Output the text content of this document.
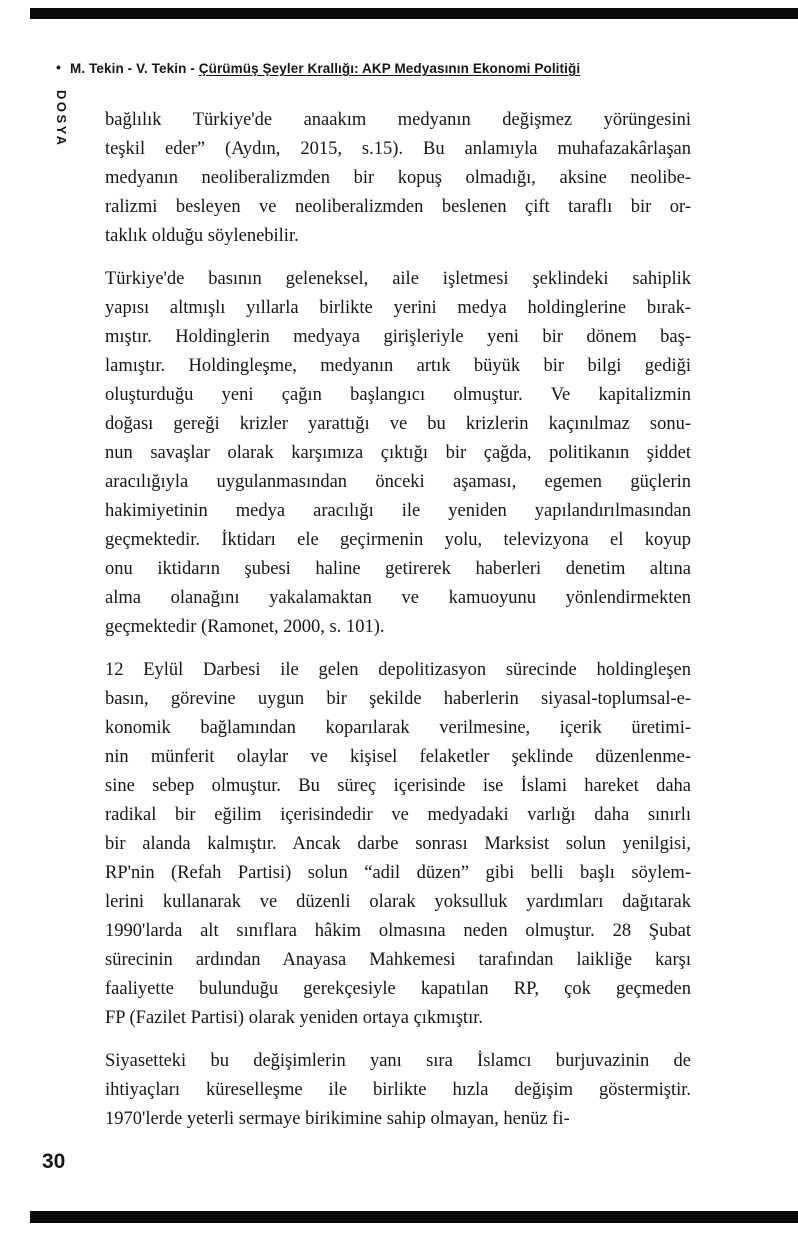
• M. Tekin - V. Tekin - Çürümüş Şeyler Krallığı: AKP Medyasının Ekonomi Politiği
DOSYA bağlılık Türkiye'de anaakım medyanın değişmez yörüngesini
teşkil eder” (Aydın, 2015, s.15). Bu anlamıyla muhafazakârlaşan
medyanın neoliberalizmden bir kopuş olmadığı, aksine neolibe-
ralizmi besleyen ve neoliberalizmden beslenen çift taraflı bir or-
taklık olduğu söylenebilir.
Türkiye'de basının geleneksel, aile işletmesi şeklindeki sahiplik
yapısı altmışlı yıllarla birlikte yerini medya holdinglerine bırak-
mıştır. Holdinglerin medyaya girişleriyle yeni bir dönem baş-
lamıştır. Holdingleşme, medyanın artık büyük bir bilgi gediği
oluşturduğu yeni çağın başlangıcı olmuştur. Ve kapitalizmin
doğası gereği krizler yarattığı ve bu krizlerin kaçınılmaz sonu-
nun savaşlar olarak karşımıza çıktığı bir çağda, politikanın şiddet
aracılığıyla uygulanmasından önceki aşaması, egemen güçlerin
hakimiyetinin medya aracılığı ile yeniden yapılandırılmasından
geçmektedir. İktidarı ele geçirmenin yolu, televizyona el koyup
onu iktidarın şubesi haline getirerek haberleri denetim altına
alma olanağını yakalamaktan ve kamuoyunu yönlendirmekten
geçmektedir (Ramonet, 2000, s. 101).
12 Eylül Darbesi ile gelen depolitizasyon sürecinde holdingleşen
basın, görevine uygun bir şekilde haberlerin siyasal-toplumsal-e-
konomik bağlamından koparılarak verilmesine, içerik üretimi-
nin münferit olaylar ve kişisel felaketler şeklinde düzenlenme-
sine sebep olmuştur. Bu süreç içerisinde ise İslami hareket daha
radikal bir eğilim içerisindedir ve medyadaki varlığı daha sınırlı
bir alanda kalmıştır. Ancak darbe sonrası Marksist solun yenilgisi,
RP'nin (Refah Partisi) solun “adil düzen” gibi belli başlı söylem-
lerini kullanarak ve düzenli olarak yoksulluk yardımları dağıtarak
1990'larda alt sınıflara hâkim olmasına neden olmuştur. 28 Şubat
sürecinin ardından Anayasa Mahkemesi tarafından laikliğe karşı
faaliyette bulunduğu gerekçesiyle kapatılan RP, çok geçmeden
FP (Fazilet Partisi) olarak yeniden ortaya çıkmıştır.
Siyasetteki bu değişimlerin yanı sıra İslamcı burjuvazinin de
ihtiyaçları küreselleşme ile birlikte hızla değişim göstermiştir.
1970'lerde yeterli sermaye birikimine sahip olmayan, henüz fi-
30
